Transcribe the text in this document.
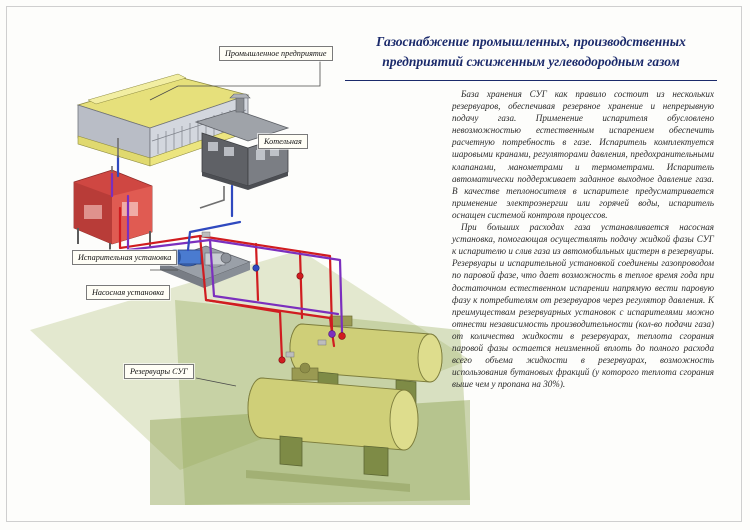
Газоснабжение промышленных, производственных
предприятий сжиженным углеводородным газом

База хранения СУГ как правило состоит из нескольких резервуаров, обеспечивая резервное хранение и непрерывную подачу газа. Применение испарителя обусловлено невозможностью естественным испарением обеспечить расчетную потребность в газе. Испаритель комплектуется шаровыми кранами, регуляторами давления, предохранительными клапанами, манометрами и термометрами. Испаритель автоматически поддерживает заданное выходное давление газа. В качестве теплоносителя в испарителе предусматривается применение электроэнергии или горячей воды, испаритель оснащен системой контроля процессов.

При больших расходах газа устанавливается насосная установка, помогающая осуществлять подачу жидкой фазы СУГ к испарителю и слив газа из автомобильных цистерн в резервуары. Резервуары и испарительной установкой соединены газопроводом по паровой фазе, что дает возможность в теплое время года при достаточном естественном испарении напрямую вести паровую фазу к потребителям от резервуаров через регулятор давления. К преимуществам резервуарных установок с испарителями можно отнести независимость производительности (кол-во подачи газа) от количества жидкости в резервуарах, теплота сгорания паровой фазы остается неизменной вплоть до полного расхода всего объема жидкости в резервуарах, возможность использования бутановых фракций (у которого теплота сгорания выше чем у пропана на 30%).

Промышленное предприятие
Котельная
Испарительная установка
Насосная установка
Резервуары СУГ
